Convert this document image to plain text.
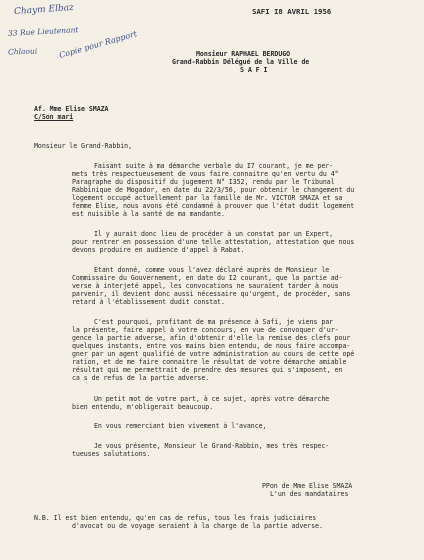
Chaym Elbaz
33 Rue Lieutenant
Chlaoui	Copie pour Rapport
SAFI I8 AVRIL 1956
Monsieur RAPHAEL BERDUGO
Grand-Rabbin Délégué de la Ville de
S A F I
Af. Mme Elise SMAZA
C/Son mari
Monsieur le Grand-Rabbin,
Faisant suite à ma démarche verbale du I7 courant, je me per-
mets très respectueusement de vous faire connaitre qu'en vertu du 4°
Paragraphe du dispositif du jugement N° I352, rendu par le Tribunal
Rabbinique de Mogador, en date du 22/3/56, pour obtenir le changement du
logement occupé actuellement par la famille de Mr. VICTOR SMAZA et sa
femme Elise, nous avons été condamné à prouver que l'état dudit logement
est nuisible à la santé de ma mandante.
Il y aurait donc lieu de procéder à un constat par un Expert,
pour rentrer en possession d'une telle attestation, attestation que nous
devons produire en audience d'appel à Rabat.
Etant donné, comme vous l'avez déclaré auprès de Monsieur le
Commissaire du Gouvernement, en date du I2 courant, que la partie ad-
verse à interjeté appel, les convocations ne sauraient tarder à nous
parvenir, il devient donc aussi nécessaire qu'urgent, de procéder, sans
retard à l'établissement dudit constat.
C'est pourquoi, profitant de ma présence à Safi, je viens par
la présente, faire appel à votre concours, en vue de convoquer d'ur-
gence la partie adverse, afin d'obtenir d'elle la remise des clefs pour
quelques instants, entre vos mains bien entendu, de nous faire accompa-
gner par un agent qualifié de votre administration au cours de cette opé
ration, et de me faire connaitre le résultat de votre démarche amiable
résultat qui me permettrait de prendre des mesures qui s'imposent, en
ca s de refus de la partie adverse.
Un petit mot de votre part, à ce sujet, après votre démarche
bien entendu, m'obligerait beaucoup.
En vous remerciant bien vivement à l'avance,
Je vous présente, Monsieur le Grand-Rabbin, mes très respec-
tueuses salutations.
PPon de Mme Elise SMAZA
L'un des mandataires
N.B. Il est bien entendu, qu'en cas de refus, tous les frais judiciaires
d'avocat ou de voyage seraient à la charge de la partie adverse.
